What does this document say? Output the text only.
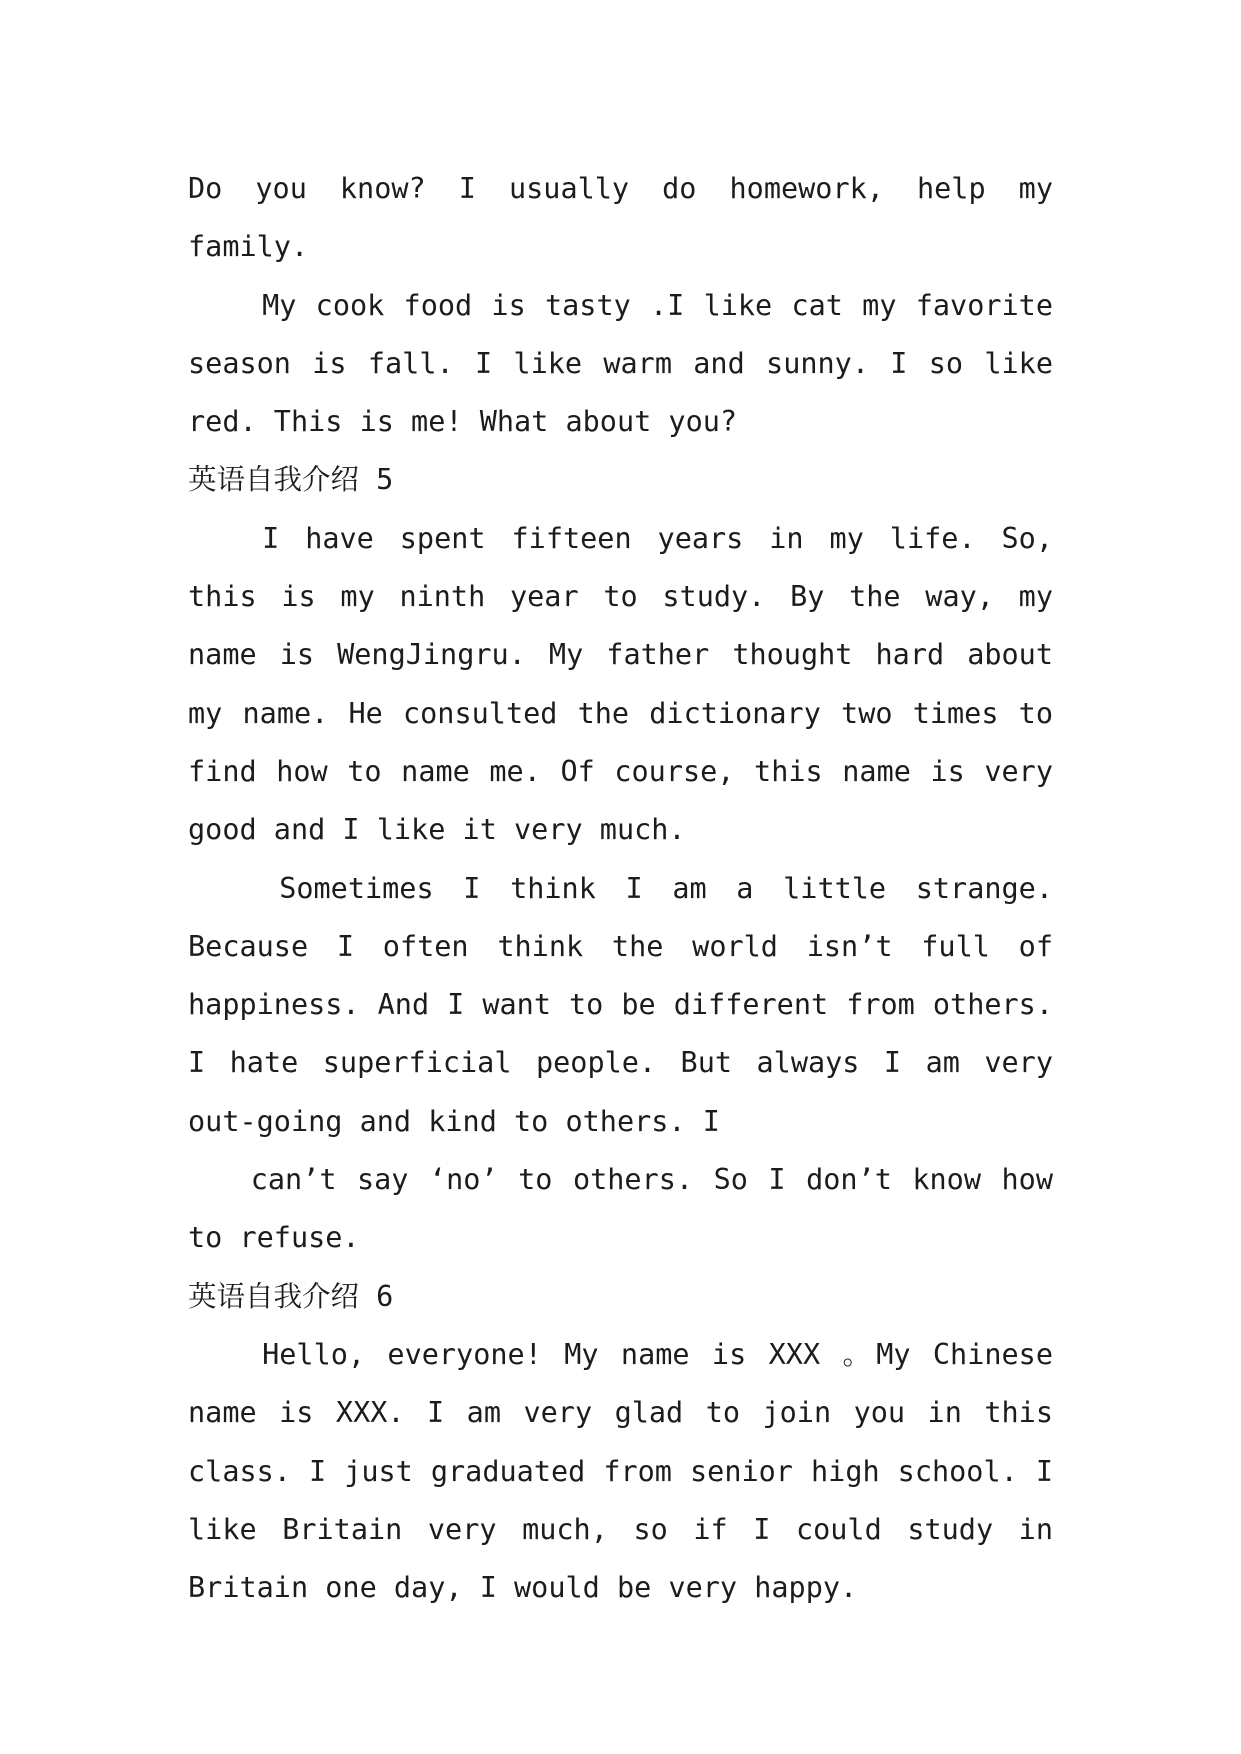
Do you know? I usually do homework, help my family.

My cook food is tasty .I like cat my favorite season is fall. I like warm and sunny. I so like red. This is me! What about you?

英语自我介绍 5

I have spent fifteen years in my life. So, this is my ninth year to study. By the way, my name is WengJingru. My father thought hard about my name. He consulted the dictionary two times to find how to name me. Of course, this name is very good and I like it very much.

Sometimes I think I am a little strange. Because I often think the world isn’t full of happiness. And I want to be different from others. I hate superficial people. But always I am very out-going and kind to others. I

can’t say ‘no’ to others. So I don’t know how to refuse.

英语自我介绍 6

Hello, everyone! My name is XXX 。My Chinese name is XXX. I am very glad to join you in this class. I just graduated from senior high school. I like Britain very much, so if I could study in Britain one day, I would be very happy.
